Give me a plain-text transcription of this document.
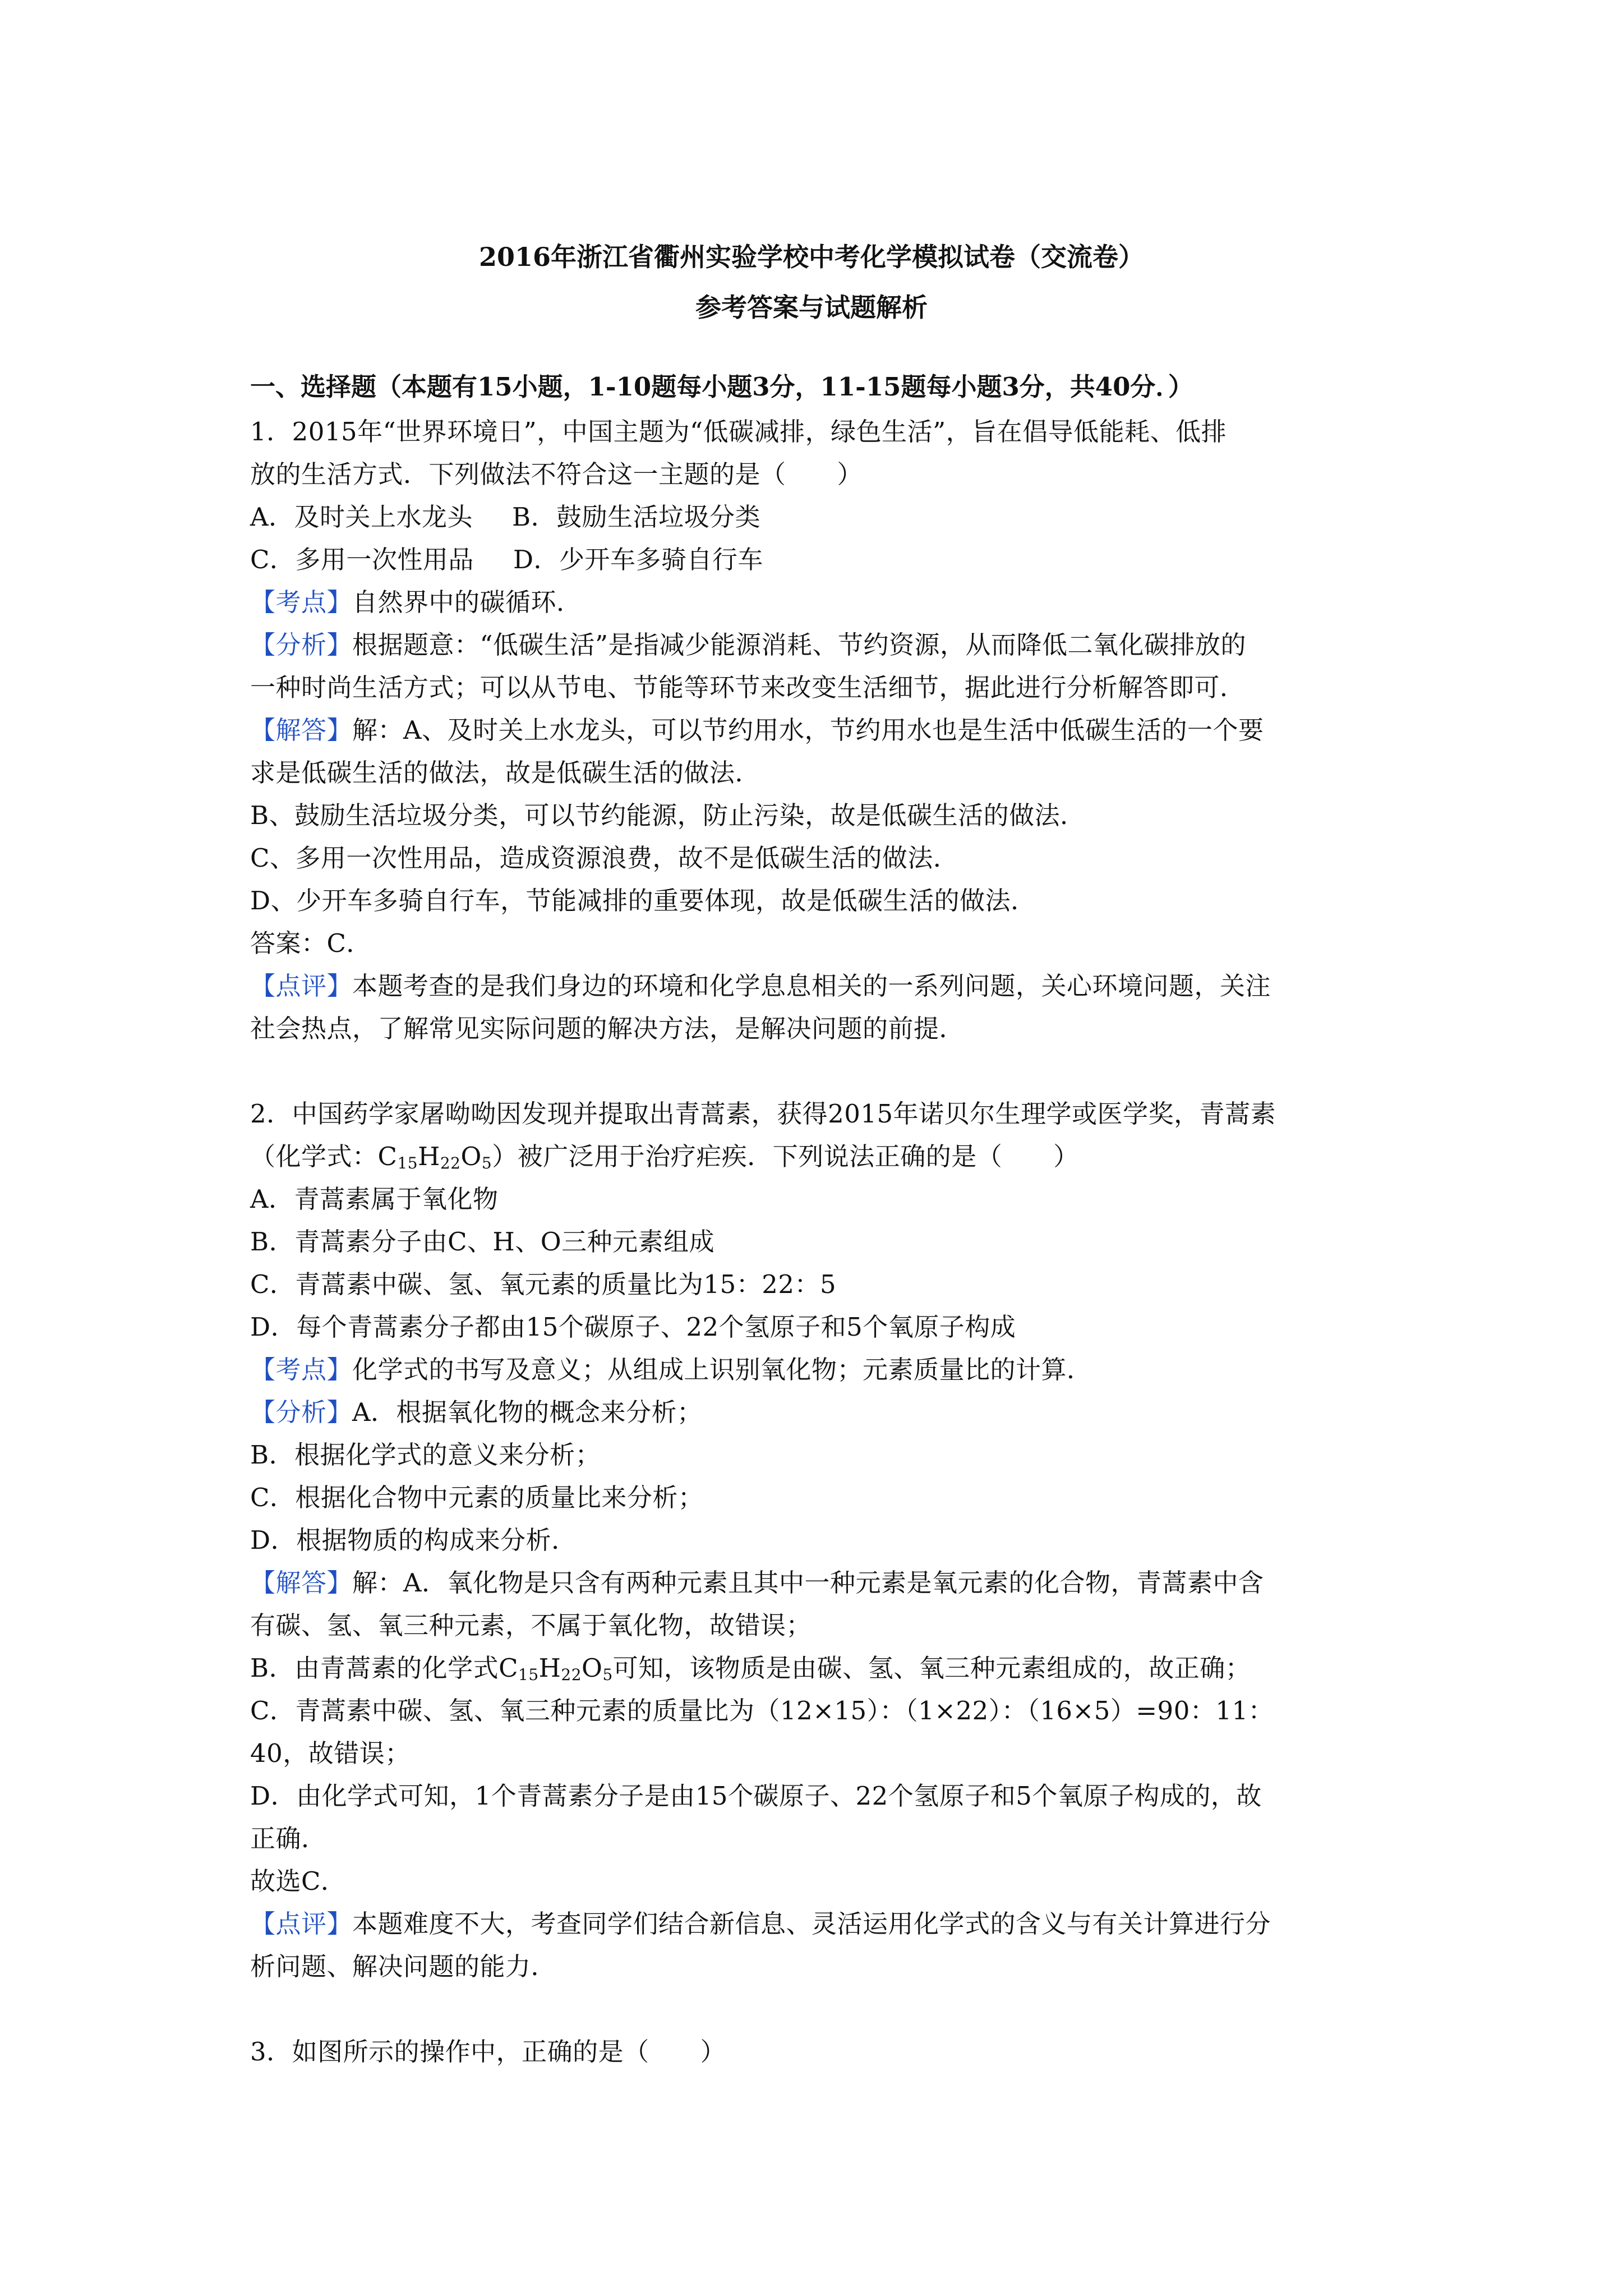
2016年浙江省衢州实验学校中考化学模拟试卷（交流卷）
参考答案与试题解析
一、选择题（本题有15小题，1-10题每小题3分，11-15题每小题3分，共40分．）
1．2015年“世界环境日”，中国主题为“低碳减排，绿色生活”，旨在倡导低能耗、低排
放的生活方式．下列做法不符合这一主题的是（　　）
A．及时关上水龙头 B．鼓励生活垃圾分类
C．多用一次性用品 D．少开车多骑自行车
【考点】自然界中的碳循环．
【分析】根据题意：“低碳生活”是指减少能源消耗、节约资源，从而降低二氧化碳排放的
一种时尚生活方式；可以从节电、节能等环节来改变生活细节，据此进行分析解答即可．
【解答】解：A、及时关上水龙头，可以节约用水，节约用水也是生活中低碳生活的一个要
求是低碳生活的做法，故是低碳生活的做法．
B、鼓励生活垃圾分类，可以节约能源，防止污染，故是低碳生活的做法．
C、多用一次性用品，造成资源浪费，故不是低碳生活的做法．
D、少开车多骑自行车，节能减排的重要体现，故是低碳生活的做法．
答案：C．
【点评】本题考查的是我们身边的环境和化学息息相关的一系列问题，关心环境问题，关注
社会热点，了解常见实际问题的解决方法，是解决问题的前提．
2．中国药学家屠呦呦因发现并提取出青蒿素，获得2015年诺贝尔生理学或医学奖，青蒿素
（化学式：$C_{15}H_{22}O_5$）被广泛用于治疗疟疾．下列说法正确的是（　　）
A．青蒿素属于氧化物
B．青蒿素分子由C、H、O三种元素组成
C．青蒿素中碳、氢、氧元素的质量比为15：22：5
D．每个青蒿素分子都由15个碳原子、22个氢原子和5个氧原子构成
【考点】化学式的书写及意义；从组成上识别氧化物；元素质量比的计算．
【分析】A．根据氧化物的概念来分析；
B．根据化学式的意义来分析；
C．根据化合物中元素的质量比来分析；
D．根据物质的构成来分析．
【解答】解：A．氧化物是只含有两种元素且其中一种元素是氧元素的化合物，青蒿素中含
有碳、氢、氧三种元素，不属于氧化物，故错误；
B．由青蒿素的化学式$C_{15}H_{22}O_5$可知，该物质是由碳、氢、氧三种元素组成的，故正确；
C．青蒿素中碳、氢、氧三种元素的质量比为（12×15）：（1×22）：（16×5）=90：11：
40，故错误；
D．由化学式可知，1个青蒿素分子是由15个碳原子、22个氢原子和5个氧原子构成的，故
正确．
故选C．
【点评】本题难度不大，考查同学们结合新信息、灵活运用化学式的含义与有关计算进行分
析问题、解决问题的能力．
3．如图所示的操作中，正确的是（　　）
